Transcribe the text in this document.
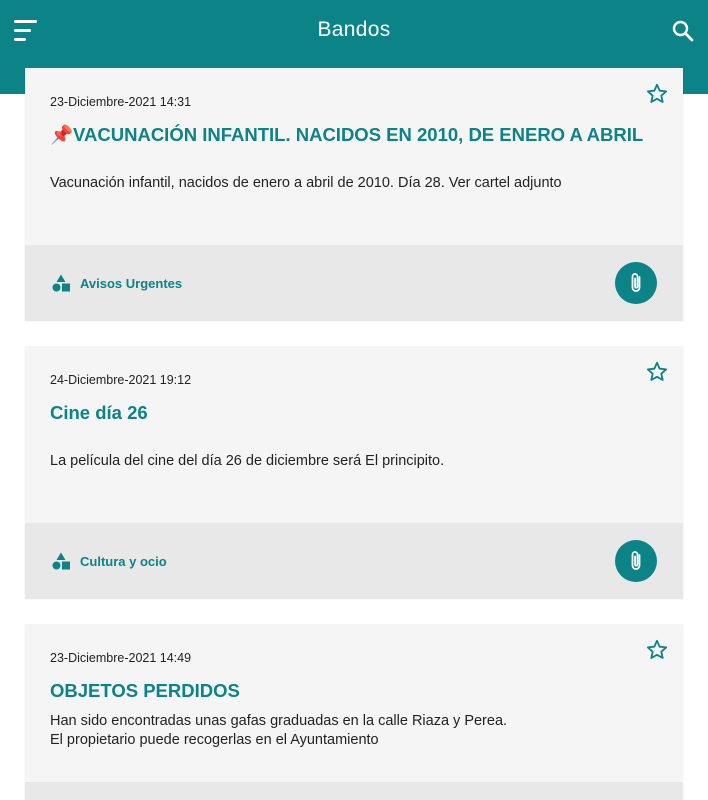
Bandos
23-Diciembre-2021 14:31
📌VACUNACIÓN INFANTIL. NACIDOS EN 2010, DE ENERO A ABRIL
Vacunación infantil, nacidos de enero a abril de 2010. Día 28. Ver cartel adjunto
Avisos Urgentes
24-Diciembre-2021 19:12
Cine día 26
La película del cine del día 26 de diciembre será El principito.
Cultura y ocio
23-Diciembre-2021 14:49
OBJETOS PERDIDOS
Han sido encontradas unas gafas graduadas en la calle Riaza y Perea.
El propietario puede recogerlas en el Ayuntamiento
